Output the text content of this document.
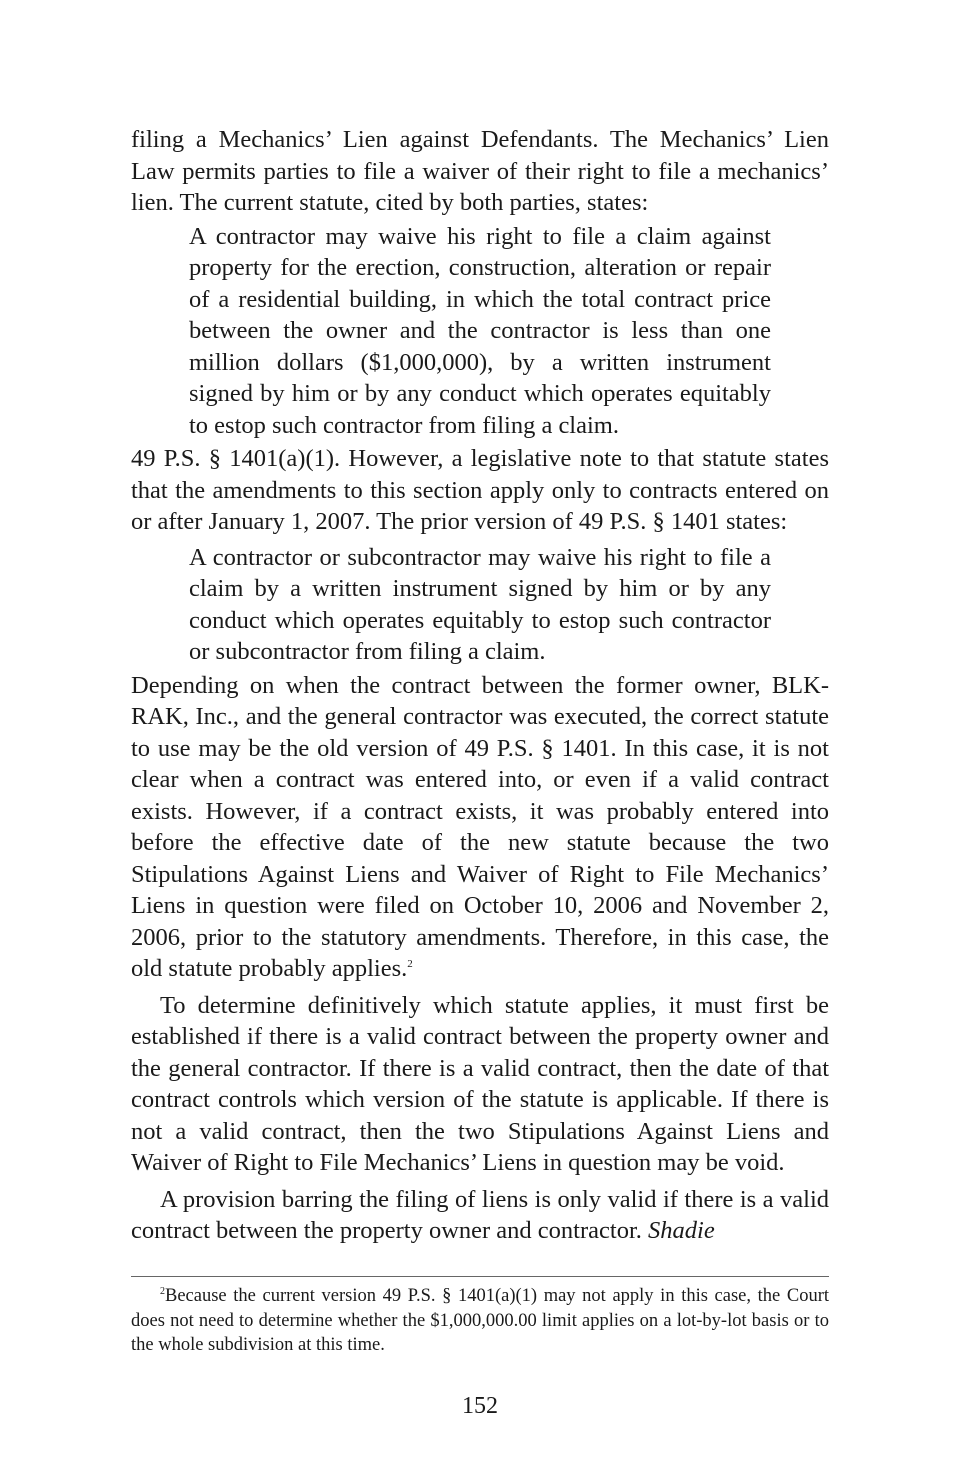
filing a Mechanics’ Lien against Defendants. The Mechanics’ Lien Law permits parties to file a waiver of their right to file a mechanics’ lien. The current statute, cited by both parties, states:

A contractor may waive his right to file a claim against property for the erection, construction, alteration or repair of a residential building, in which the total contract price between the owner and the contractor is less than one million dollars ($1,000,000), by a written instrument signed by him or by any conduct which operates equitably to estop such contractor from filing a claim.

49 P.S. § 1401(a)(1). However, a legislative note to that statute states that the amendments to this section apply only to contracts entered on or after January 1, 2007. The prior version of 49 P.S. § 1401 states:

A contractor or subcontractor may waive his right to file a claim by a written instrument signed by him or by any conduct which operates equitably to estop such contractor or subcontractor from filing a claim.

Depending on when the contract between the former owner, BLK-RAK, Inc., and the general contractor was executed, the correct statute to use may be the old version of 49 P.S. § 1401. In this case, it is not clear when a contract was entered into, or even if a valid contract exists. However, if a contract exists, it was probably entered into before the effective date of the new statute because the two Stipulations Against Liens and Waiver of Right to File Mechanics’ Liens in question were filed on October 10, 2006 and November 2, 2006, prior to the statutory amendments. Therefore, in this case, the old statute probably applies.$^2$

To determine definitively which statute applies, it must first be established if there is a valid contract between the property owner and the general contractor. If there is a valid contract, then the date of that contract controls which version of the statute is applicable. If there is not a valid contract, then the two Stipulations Against Liens and Waiver of Right to File Mechanics’ Liens in question may be void.

A provision barring the filing of liens is only valid if there is a valid contract between the property owner and contractor. Shadie

$^2$Because the current version 49 P.S. § 1401(a)(1) may not apply in this case, the Court does not need to determine whether the $1,000,000.00 limit applies on a lot-by-lot basis or to the whole subdivision at this time.

152
